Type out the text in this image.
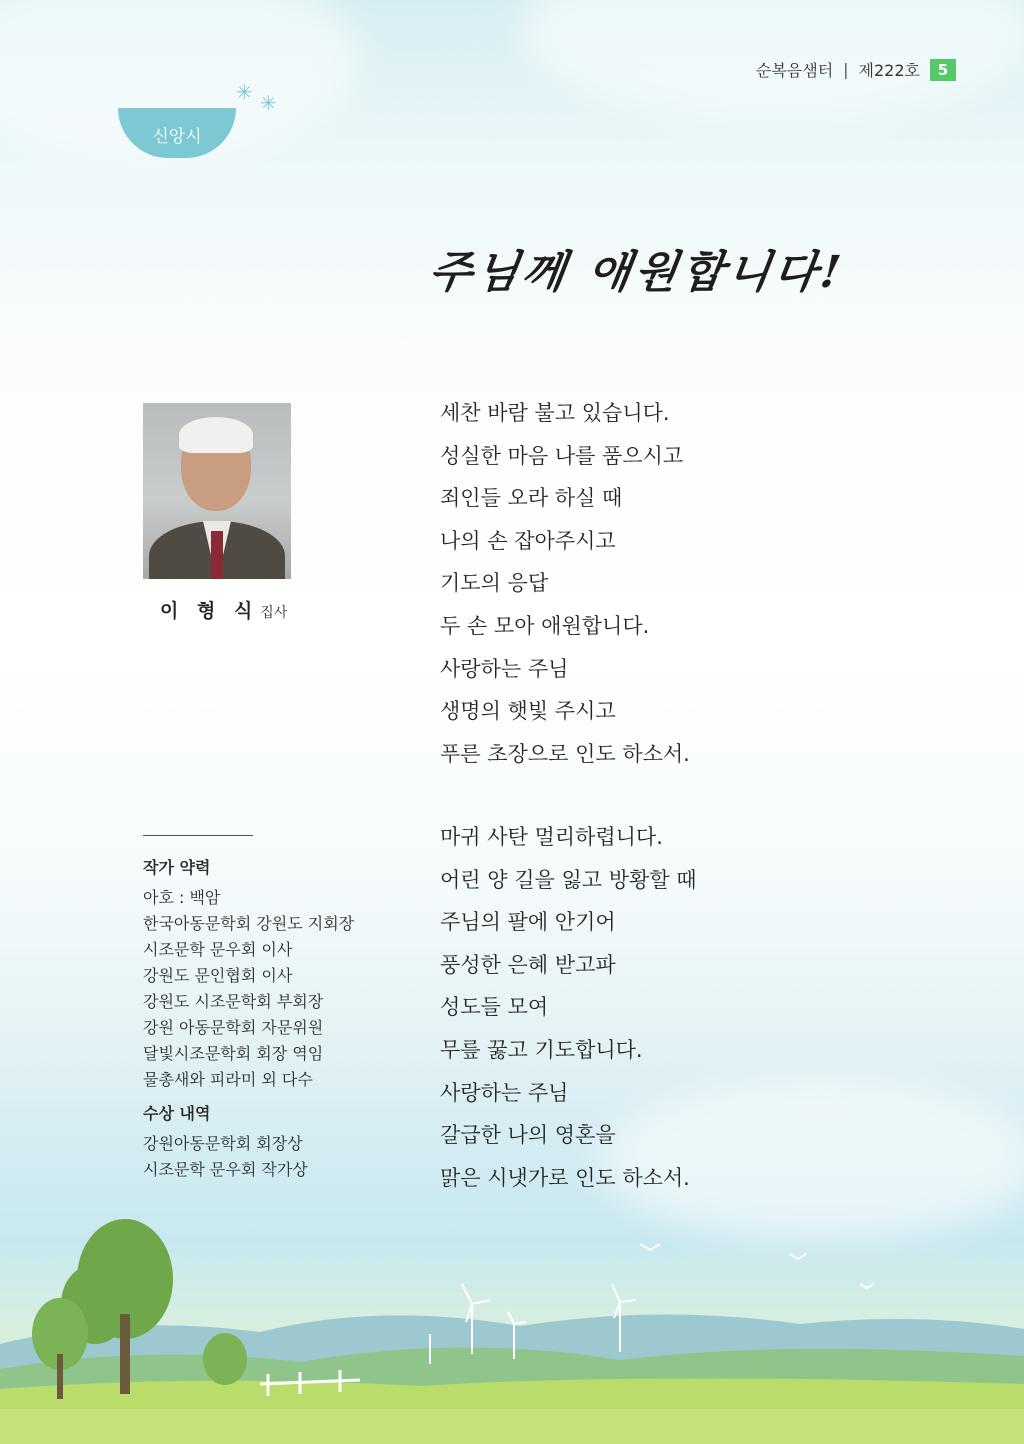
순복음샘터 | 제222호	5
신앙시
✳ ✳
주님께 애원합니다!
이 형 식 집사
작가 약력
아호 : 백암
한국아동문학회 강원도 지회장
시조문학 문우회 이사
강원도 문인협회 이사
강원도 시조문학회 부회장
강원 아동문학회 자문위원
달빛시조문학회 회장 역임
물총새와 피라미 외 다수
수상 내역
강원아동문학회 회장상
시조문학 문우회 작가상
세찬 바람 불고 있습니다.
성실한 마음 나를 품으시고
죄인들 오라 하실 때
나의 손 잡아주시고
기도의 응답
두 손 모아 애원합니다.
사랑하는 주님
생명의 햇빛 주시고
푸른 초장으로 인도 하소서.
마귀 사탄 멀리하렵니다.
어린 양 길을 잃고 방황할 때
주님의 팔에 안기어
풍성한 은혜 받고파
성도들 모여
무릎 꿇고 기도합니다.
사랑하는 주님
갈급한 나의 영혼을
맑은 시냇가로 인도 하소서.
